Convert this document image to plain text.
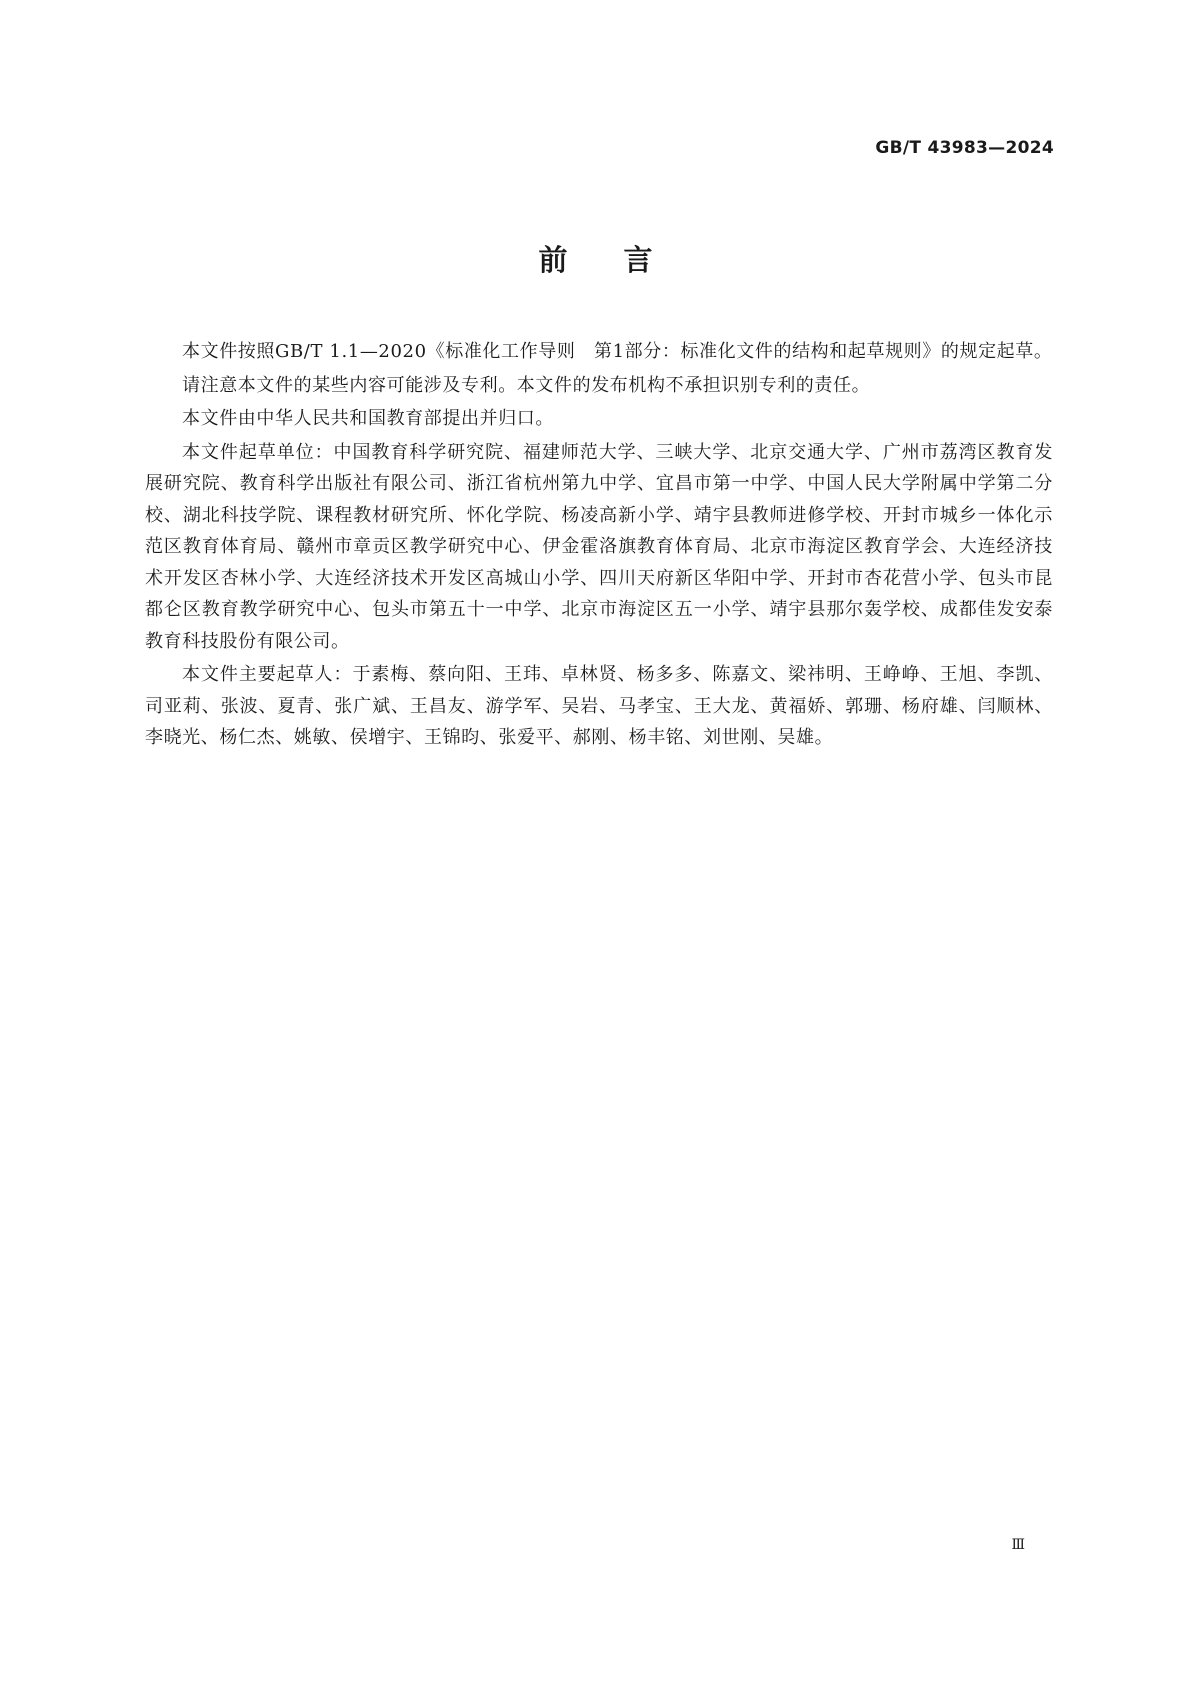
GB/T 43983—2024
前言

本文件按照GB/T 1.1—2020《标准化工作导则　第1部分：标准化文件的结构和起草规则》的规定起草。

请注意本文件的某些内容可能涉及专利。本文件的发布机构不承担识别专利的责任。

本文件由中华人民共和国教育部提出并归口。

本文件起草单位：中国教育科学研究院、福建师范大学、三峡大学、北京交通大学、广州市荔湾区教育发展研究院、教育科学出版社有限公司、浙江省杭州第九中学、宜昌市第一中学、中国人民大学附属中学第二分校、湖北科技学院、课程教材研究所、怀化学院、杨凌高新小学、靖宇县教师进修学校、开封市城乡一体化示范区教育体育局、赣州市章贡区教学研究中心、伊金霍洛旗教育体育局、北京市海淀区教育学会、大连经济技术开发区杏林小学、大连经济技术开发区高城山小学、四川天府新区华阳中学、开封市杏花营小学、包头市昆都仑区教育教学研究中心、包头市第五十一中学、北京市海淀区五一小学、靖宇县那尔轰学校、成都佳发安泰教育科技股份有限公司。

本文件主要起草人：于素梅、蔡向阳、王玮、卓林贤、杨多多、陈嘉文、梁祎明、王峥峥、王旭、李凯、司亚莉、张波、夏青、张广斌、王昌友、游学军、吴岩、马孝宝、王大龙、黄福娇、郭珊、杨府雄、闫顺林、李晓光、杨仁杰、姚敏、侯增宇、王锦昀、张爱平、郝刚、杨丰铭、刘世刚、吴雄。

Ⅲ
